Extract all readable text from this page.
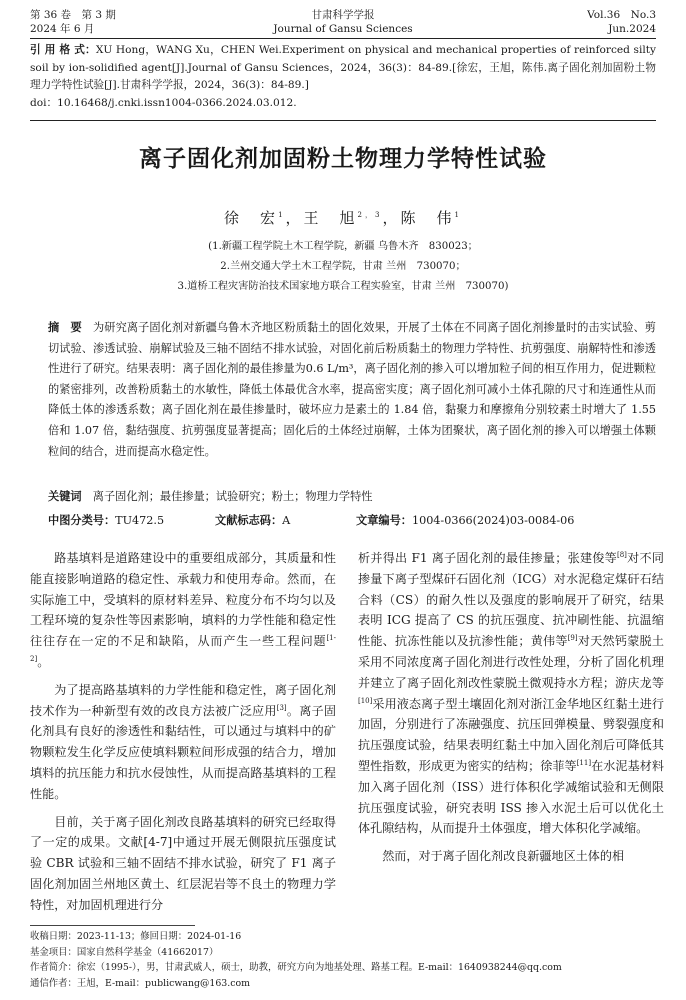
第 36 卷　第 3 期
2024 年 6 月
甘肃科学学报
Journal of Gansu Sciences
Vol.36　No.3
Jun.2024
引 用 格 式：XU Hong，WANG Xu，CHEN Wei.Experiment on physical and mechanical properties of reinforced silty soil by ion-solidified agent[J].Journal of Gansu Sciences，2024，36(3)：84-89.[徐宏，王旭，陈伟.离子固化剂加固粉土物理力学特性试验[J].甘肃科学学报，2024，36(3)：84-89.]
doi：10.16468/j.cnki.issn1004-0366.2024.03.012.
离子固化剂加固粉土物理力学特性试验
徐　宏$^1$，王　旭$^{2,3}$，陈　伟$^1$
(1.新疆工程学院土木工程学院，新疆 乌鲁木齐　830023；
2.兰州交通大学土木工程学院，甘肃 兰州　730070；
3.道桥工程灾害防治技术国家地方联合工程实验室，甘肃 兰州　730070)
摘　要　为研究离子固化剂对新疆乌鲁木齐地区粉质黏土的固化效果，开展了土体在不同离子固化剂掺量时的击实试验、剪切试验、渗透试验、崩解试验及三轴不固结不排水试验，对固化前后粉质黏土的物理力学特性、抗剪强度、崩解特性和渗透性进行了研究。结果表明：离子固化剂的最佳掺量为0.6 L/m³，离子固化剂的掺入可以增加粒子间的相互作用力，促进颗粒的紧密排列，改善粉质黏土的水敏性，降低土体最优含水率，提高密实度；离子固化剂可减小土体孔隙的尺寸和连通性从而降低土体的渗透系数；离子固化剂在最佳掺量时，破坏应力是素土的 1.84 倍，黏聚力和摩擦角分别较素土时增大了 1.55倍和 1.07 倍，黏结强度、抗剪强度显著提高；固化后的土体经过崩解，土体为团聚状，离子固化剂的掺入可以增强土体颗粒间的结合，进而提高水稳定性。
关键词　离子固化剂；最佳掺量；试验研究；粉土；物理力学特性
中图分类号：TU472.5	文献标志码：A	文章编号：1004-0366(2024)03-0084-06

路基填料是道路建设中的重要组成部分，其质量和性能直接影响道路的稳定性、承载力和使用寿命。然而，在实际施工中，受填料的原材料差异、粒度分布不均匀以及工程环境的复杂性等因素影响，填料的力学性能和稳定性往往存在一定的不足和缺陷，从而产生一些工程问题[1-2]。

为了提高路基填料的力学性能和稳定性，离子固化剂技术作为一种新型有效的改良方法被广泛应用[3]。离子固化剂具有良好的渗透性和黏结性，可以通过与填料中的矿物颗粒发生化学反应使填料颗粒间形成强的结合力，增加填料的抗压能力和抗水侵蚀性，从而提高路基填料的工程性能。

目前，关于离子固化剂改良路基填料的研究已经取得了一定的成果。文献[4-7]中通过开展无侧限抗压强度试验 CBR 试验和三轴不固结不排水试验，研究了 F1 离子固化剂加固兰州地区黄土、红层泥岩等不良土的物理力学特性，对加固机理进行分

析并得出 F1 离子固化剂的最佳掺量；张建俊等[8]对不同掺量下离子型煤矸石固化剂（ICG）对水泥稳定煤矸石结合料（CS）的耐久性以及强度的影响展开了研究，结果表明 ICG 提高了 CS 的抗压强度、抗冲刷性能、抗温缩性能、抗冻性能以及抗渗性能；黄伟等[9]对天然钙蒙脱土采用不同浓度离子固化剂进行改性处理，分析了固化机理并建立了离子固化剂改性蒙脱土微观持水方程；游庆龙等[10]采用液态离子型土壤固化剂对浙江金华地区红黏土进行加固，分别进行了冻融强度、抗压回弹模量、劈裂强度和抗压强度试验，结果表明红黏土中加入固化剂后可降低其塑性指数，形成更为密实的结构；徐菲等[11]在水泥基材料加入离子固化剂（ISS）进行体积化学减缩试验和无侧限抗压强度试验，研究表明 ISS 掺入水泥土后可以优化土体孔隙结构，从而提升土体强度，增大体积化学减缩。

然而，对于离子固化剂改良新疆地区土体的相

收稿日期：2023-11-13；修回日期：2024-01-16
基金项目：国家自然科学基金（41662017）
作者简介：徐宏（1995-），男，甘肃武威人，硕士，助教，研究方向为地基处理、路基工程。E-mail：1640938244@qq.com
通信作者：王旭，E-mail：publicwang@163.com
